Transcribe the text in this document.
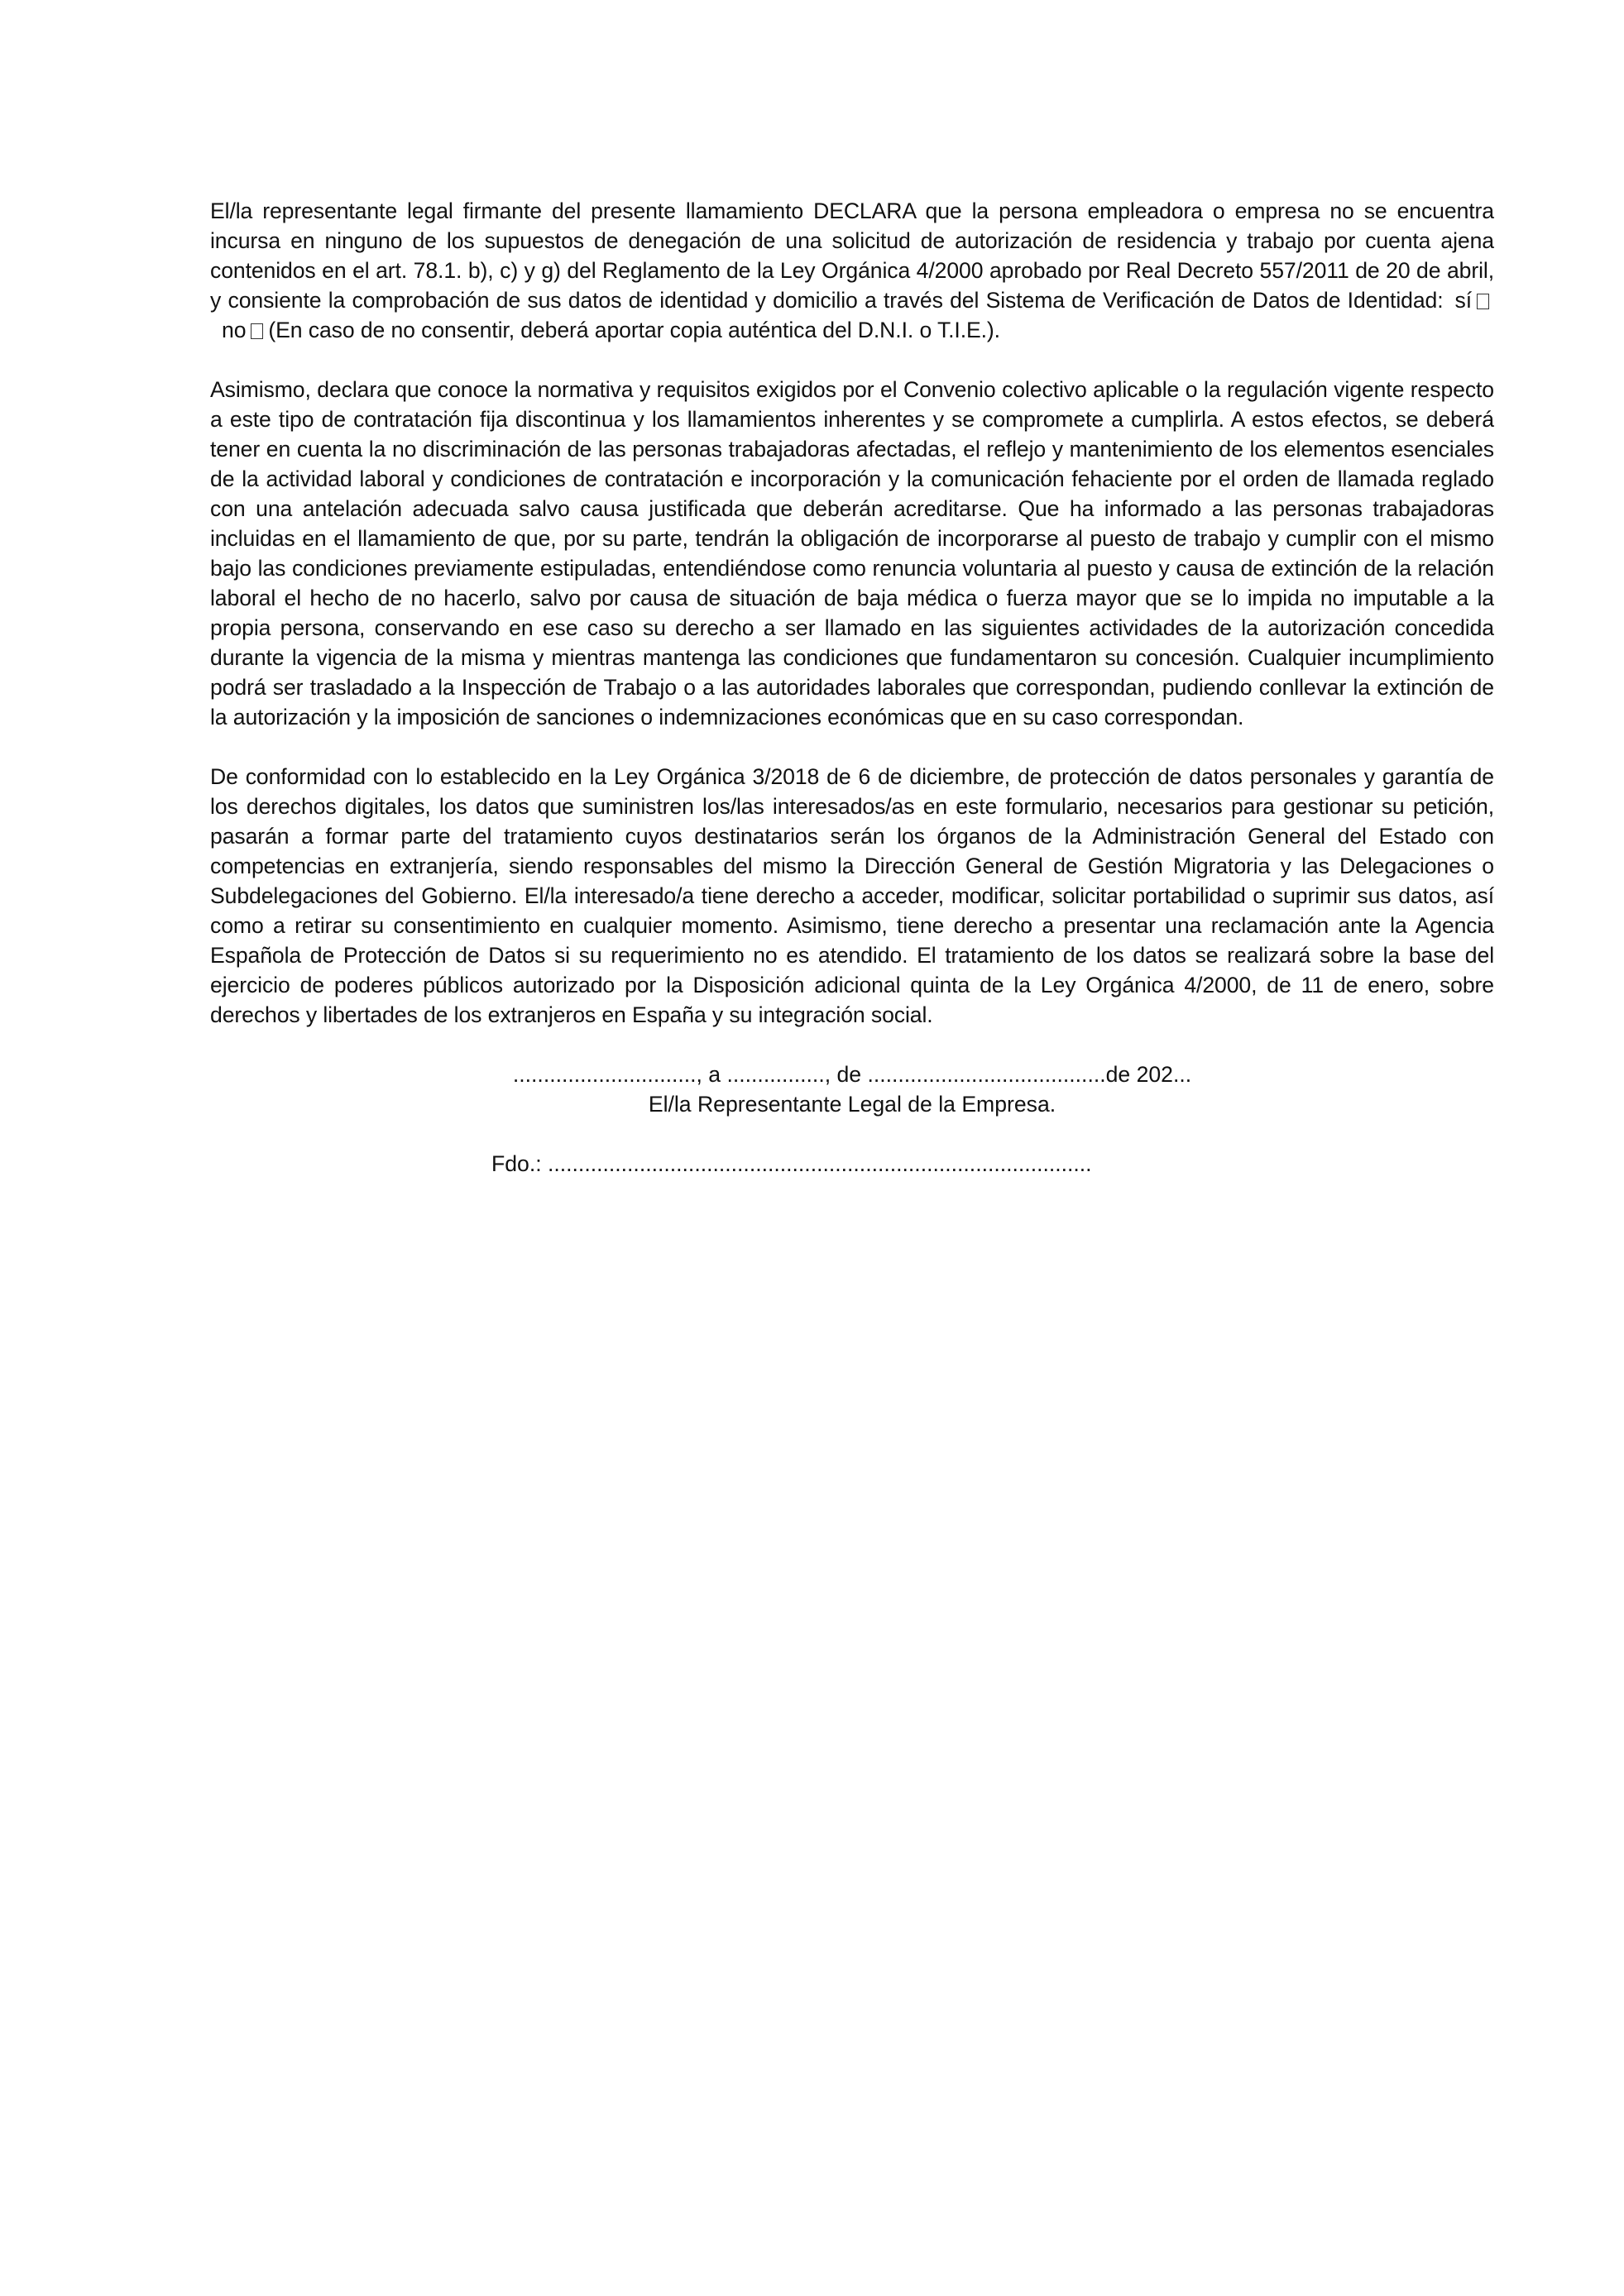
El/la representante legal firmante del presente llamamiento DECLARA que la persona empleadora o empresa no se encuentra incursa en ninguno de los supuestos de denegación de una solicitud de autorización de residencia y trabajo por cuenta ajena contenidos en el art. 78.1. b), c) y g) del Reglamento de la Ley Orgánica 4/2000 aprobado por Real Decreto 557/2011 de 20 de abril, y consiente la comprobación de sus datos de identidad y domicilio a través del Sistema de Verificación de Datos de Identidad: síno (En caso de no consentir, deberá aportar copia auténtica del D.N.I. o T.I.E.).

Asimismo, declara que conoce la normativa y requisitos exigidos por el Convenio colectivo aplicable o la regulación vigente respecto a este tipo de contratación fija discontinua y los llamamientos inherentes y se compromete a cumplirla. A estos efectos, se deberá tener en cuenta la no discriminación de las personas trabajadoras afectadas, el reflejo y mantenimiento de los elementos esenciales de la actividad laboral y condiciones de contratación e incorporación y la comunicación fehaciente por el orden de llamada reglado con una antelación adecuada salvo causa justificada que deberán acreditarse. Que ha informado a las personas trabajadoras incluidas en el llamamiento de que, por su parte, tendrán la obligación de incorporarse al puesto de trabajo y cumplir con el mismo bajo las condiciones previamente estipuladas, entendiéndose como renuncia voluntaria al puesto y causa de extinción de la relación laboral el hecho de no hacerlo, salvo por causa de situación de baja médica o fuerza mayor que se lo impida no imputable a la propia persona, conservando en ese caso su derecho a ser llamado en las siguientes actividades de la autorización concedida durante la vigencia de la misma y mientras mantenga las condiciones que fundamentaron su concesión. Cualquier incumplimiento podrá ser trasladado a la Inspección de Trabajo o a las autoridades laborales que correspondan, pudiendo conllevar la extinción de la autorización y la imposición de sanciones o indemnizaciones económicas que en su caso correspondan.

De conformidad con lo establecido en la Ley Orgánica 3/2018 de 6 de diciembre, de protección de datos personales y garantía de los derechos digitales, los datos que suministren los/las interesados/as en este formulario, necesarios para gestionar su petición, pasarán a formar parte del tratamiento cuyos destinatarios serán los órganos de la Administración General del Estado con competencias en extranjería, siendo responsables del mismo la Dirección General de Gestión Migratoria y las Delegaciones o Subdelegaciones del Gobierno. El/la interesado/a tiene derecho a acceder, modificar, solicitar portabilidad o suprimir sus datos, así como a retirar su consentimiento en cualquier momento. Asimismo, tiene derecho a presentar una reclamación ante la Agencia Española de Protección de Datos si su requerimiento no es atendido. El tratamiento de los datos se realizará sobre la base del ejercicio de poderes públicos autorizado por la Disposición adicional quinta de la Ley Orgánica 4/2000, de 11 de enero, sobre derechos y libertades de los extranjeros en España y su integración social.

.............................., a ................, de .......................................de 202...
El/la Representante Legal de la Empresa.
Fdo.: .........................................................................................
